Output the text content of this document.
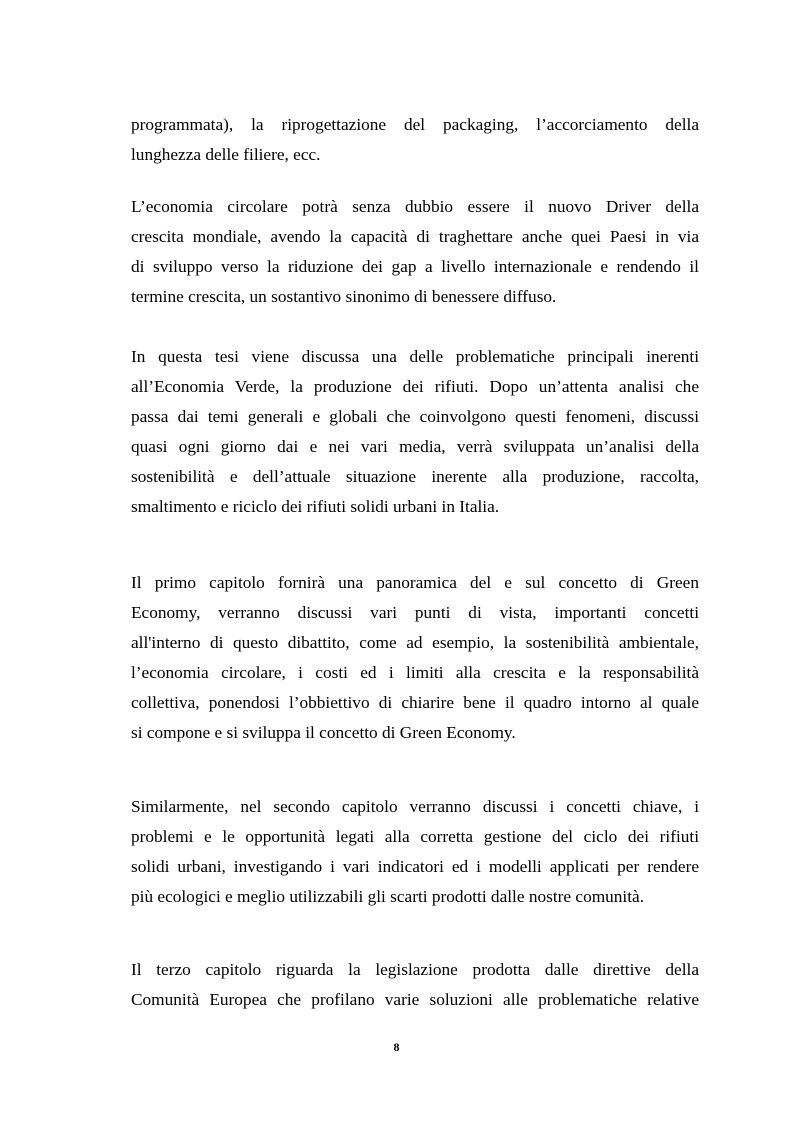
programmata), la riprogettazione del packaging, l’accorciamento della
lunghezza delle filiere, ecc.

L’economia circolare potrà senza dubbio essere il nuovo Driver della
crescita mondiale, avendo la capacità di traghettare anche quei Paesi in via
di sviluppo verso la riduzione dei gap a livello internazionale e rendendo il
termine crescita, un sostantivo sinonimo di benessere diffuso.

In questa tesi viene discussa una delle problematiche principali inerenti
all’Economia Verde, la produzione dei rifiuti. Dopo un’attenta analisi che
passa dai temi generali e globali che coinvolgono questi fenomeni, discussi
quasi ogni giorno dai e nei vari media, verrà sviluppata un’analisi della
sostenibilità e dell’attuale situazione inerente alla produzione, raccolta,
smaltimento e riciclo dei rifiuti solidi urbani in Italia.

Il primo capitolo fornirà una panoramica del e sul concetto di Green
Economy, verranno discussi vari punti di vista, importanti concetti
all'interno di questo dibattito, come ad esempio, la sostenibilità ambientale,
l’economia circolare, i costi ed i limiti alla crescita e la responsabilità
collettiva, ponendosi l’obbiettivo di chiarire bene il quadro intorno al quale
si compone e si sviluppa il concetto di Green Economy.

Similarmente, nel secondo capitolo verranno discussi i concetti chiave, i
problemi e le opportunità legati alla corretta gestione del ciclo dei rifiuti
solidi urbani, investigando i vari indicatori ed i modelli applicati per rendere
più ecologici e meglio utilizzabili gli scarti prodotti dalle nostre comunità.

Il terzo capitolo riguarda la legislazione prodotta dalle direttive della
Comunità Europea che profilano varie soluzioni alle problematiche relative

8
